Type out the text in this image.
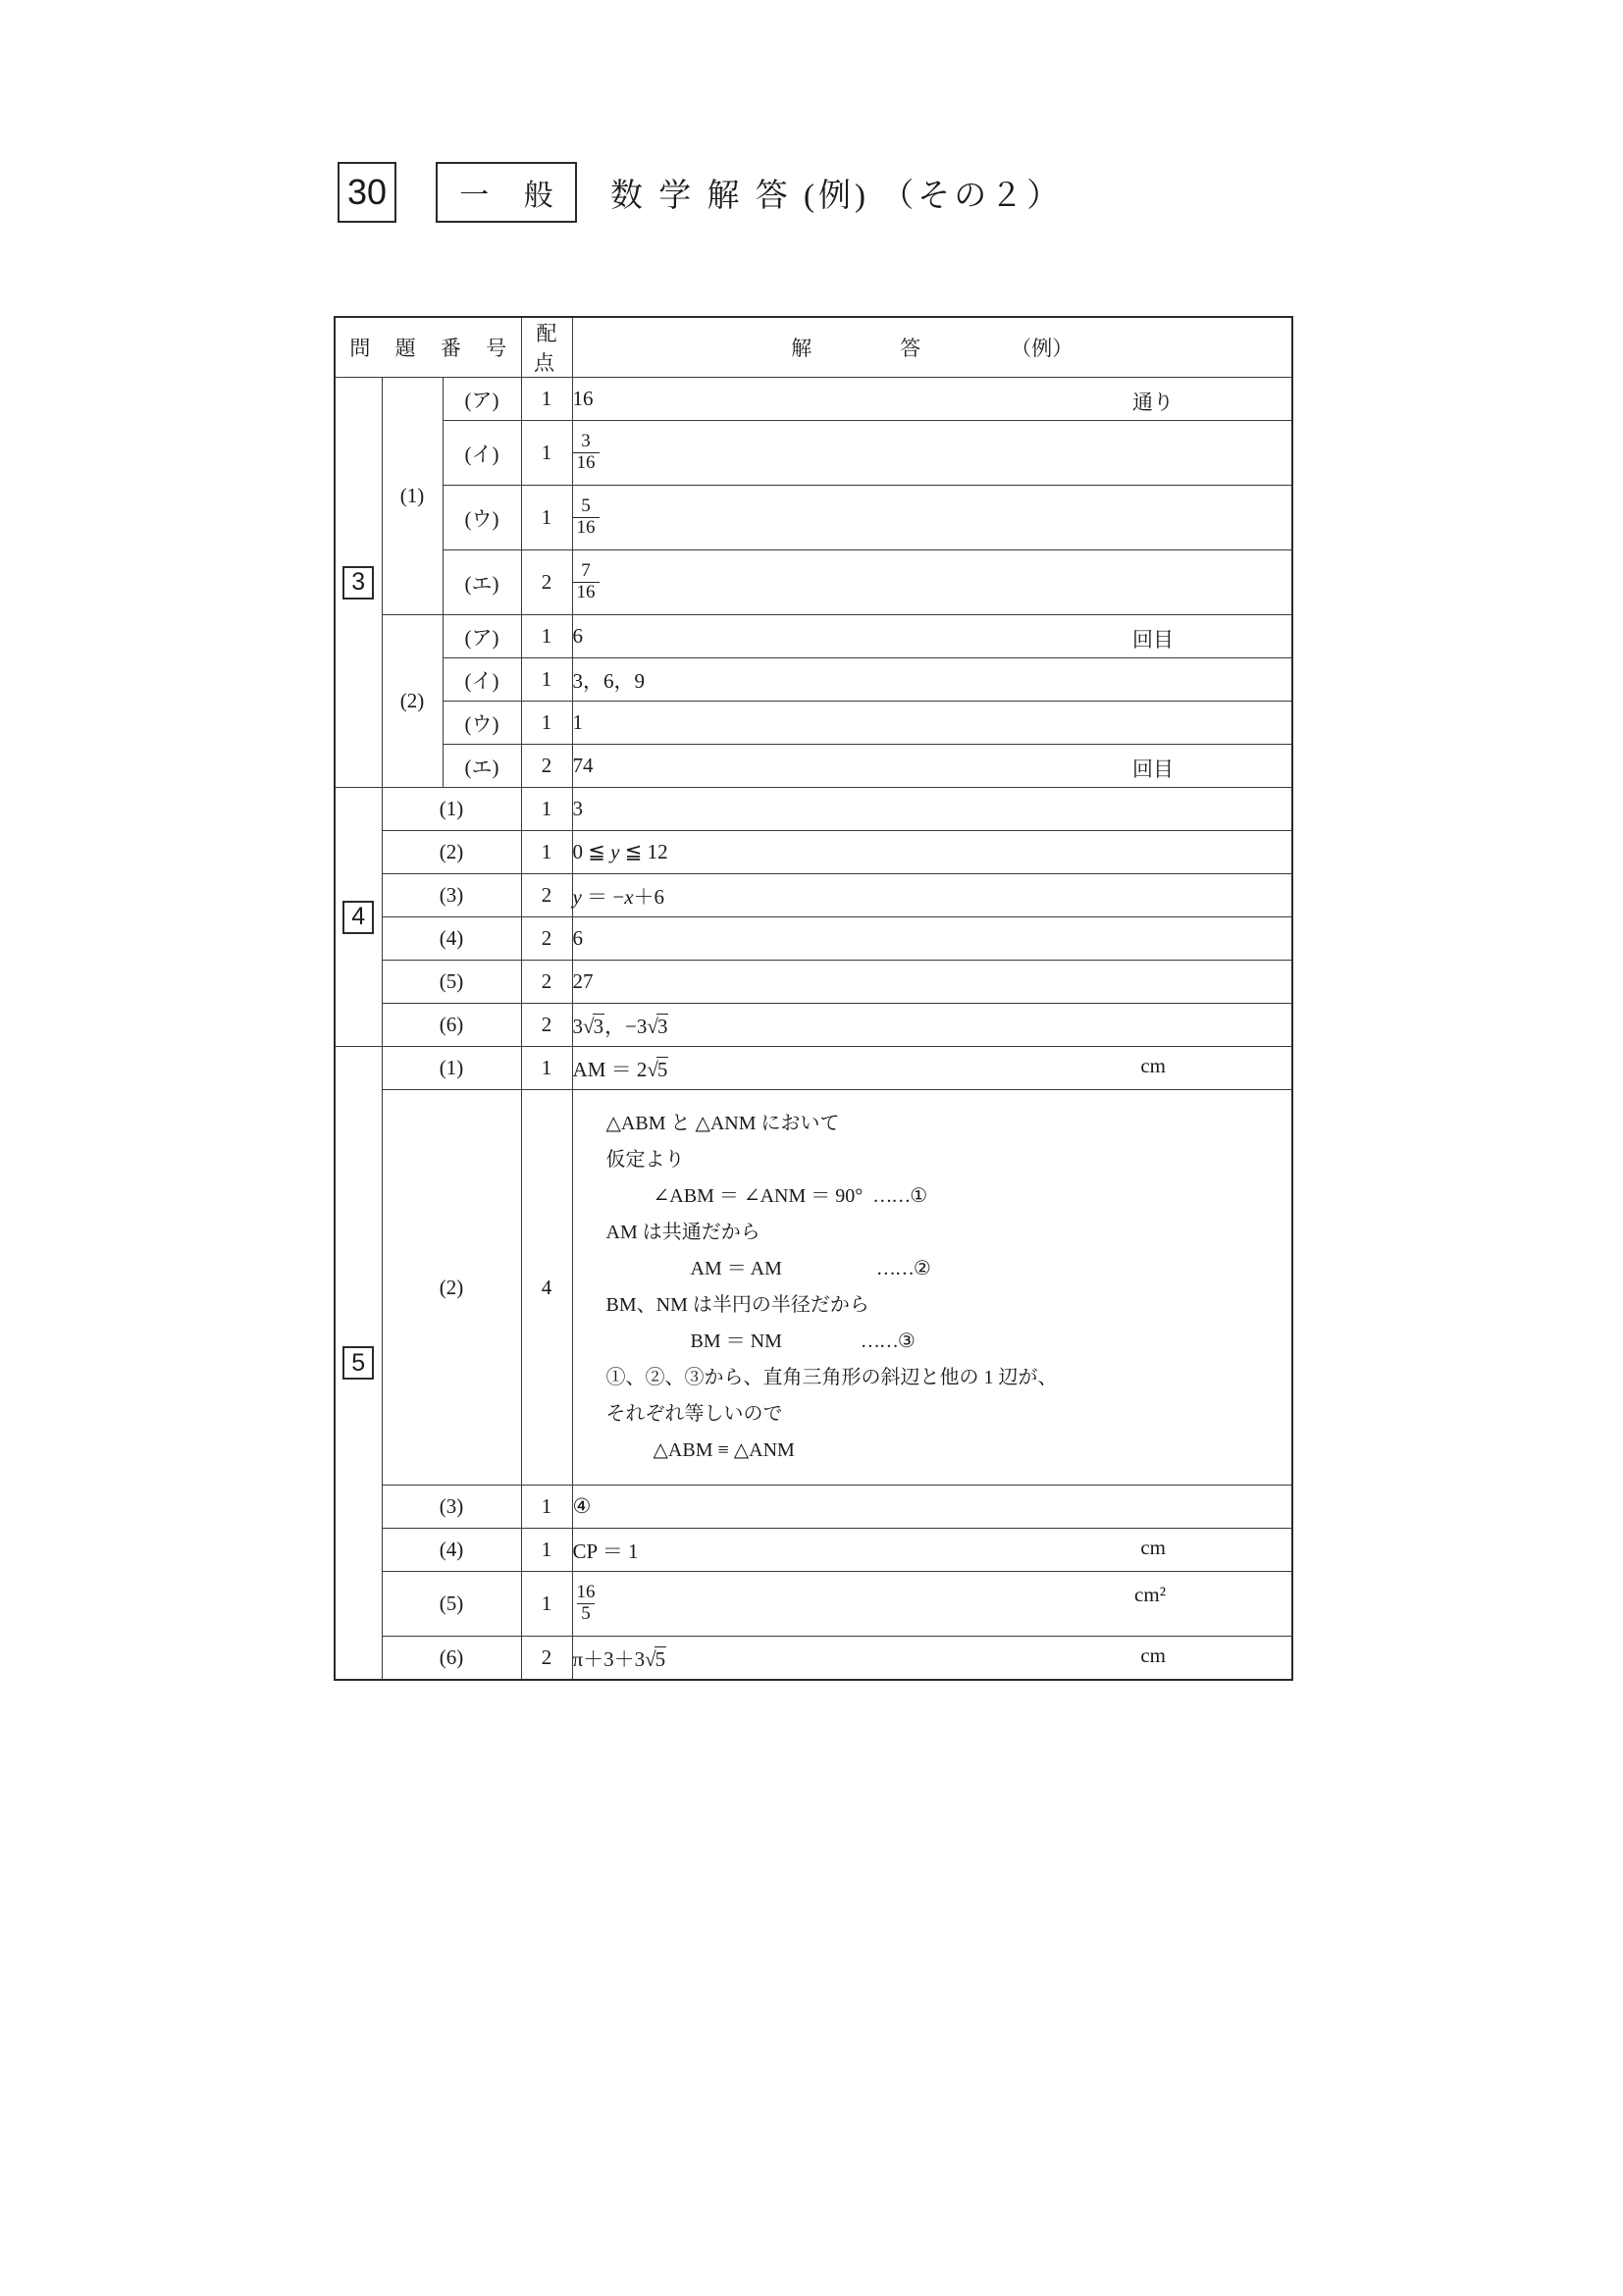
30	一 般	数 学 解 答 (例) （その２）
問 題 番 号			配 点	解　　答 （例）
3	(1)	(ア)	1	16 通り

		(イ)	1	$\frac{3}{16}$

		(ウ)	1	$\frac{5}{16}$

		(エ)	2	$\frac{7}{16}$

	(2)	(ア)	1	6 回目

		(イ)	1	3，6，9
		(ウ)	1	1
		(エ)	2	74 回目

4	(1)		1	3
	(2)		1	0 ≦ y ≦ 12
	(3)		2	y ＝ −x＋6
	(4)		2	6
	(5)		2	27
	(6)		2	3√3，−3√3
5	(1)		1	AM ＝ 2√5 cm

(2)	4	
△ABM と △ANM において
仮定より
∠ABM ＝ ∠ANM ＝ 90° ……①
AM は共通だから
AM ＝ AM	……②
BM、NM は半円の半径だから
BM ＝ NM	……③
①、②、③から、直角三角形の斜辺と他の 1 辺が、
それぞれ等しいので
△ABM ≡ △ANM

	(3)		1	④
	(4)		1	CP ＝ 1 cm

	(5)		1	$\frac{16}{5} cm^2$

	(6)		2	π＋3＋3√5 cm
